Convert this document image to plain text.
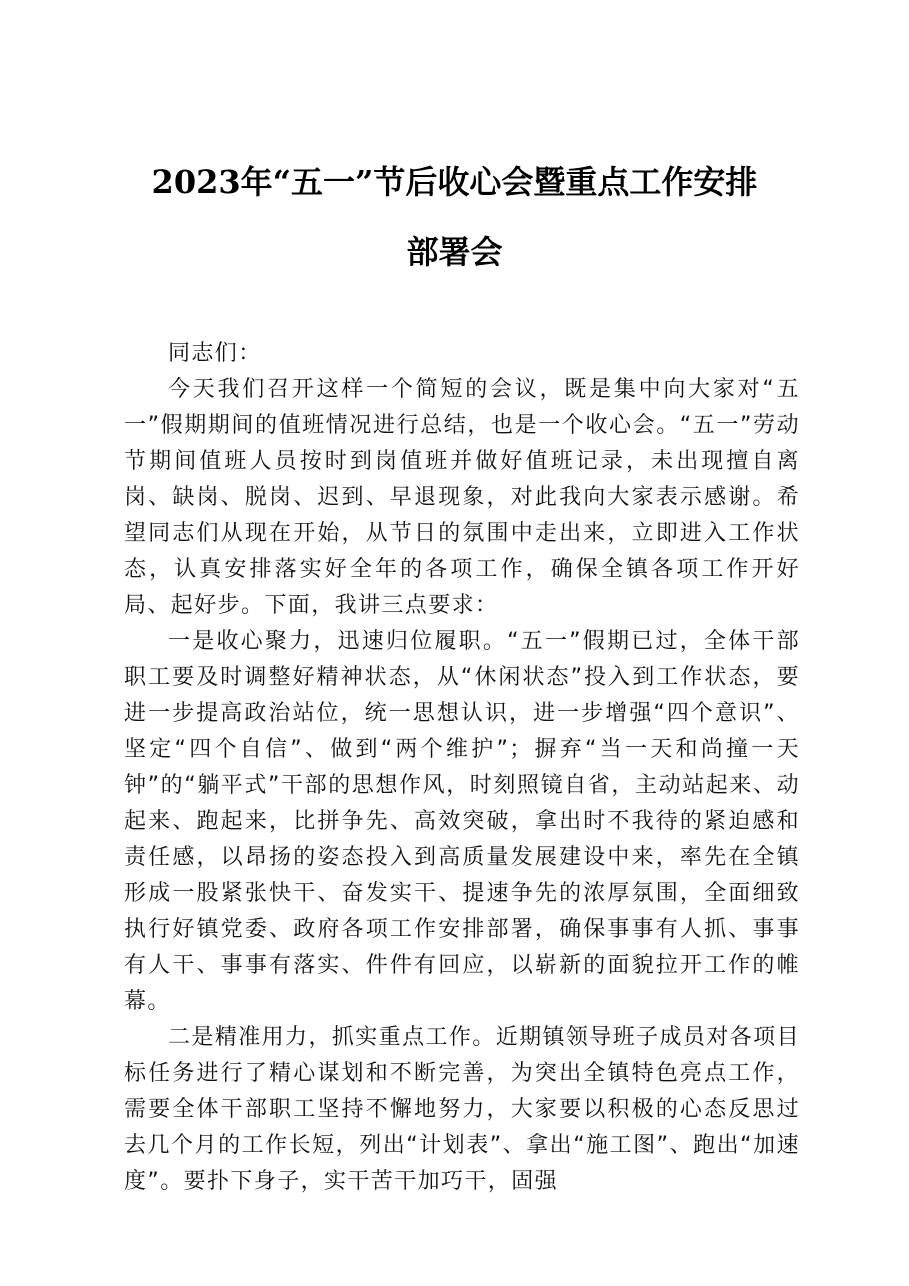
2023年“五一”节后收心会暨重点工作安排
部署会

同志们：

今天我们召开这样一个简短的会议，既是集中向大家对“五一”假期期间的值班情况进行总结，也是一个收心会。“五一”劳动节期间值班人员按时到岗值班并做好值班记录，未出现擅自离岗、缺岗、脱岗、迟到、早退现象，对此我向大家表示感谢。希望同志们从现在开始，从节日的氛围中走出来，立即进入工作状态，认真安排落实好全年的各项工作，确保全镇各项工作开好局、起好步。下面，我讲三点要求：

一是收心聚力，迅速归位履职。“五一”假期已过，全体干部职工要及时调整好精神状态，从“休闲状态”投入到工作状态，要进一步提高政治站位，统一思想认识，进一步增强“四个意识”、坚定“四个自信”、做到“两个维护”；摒弃“当一天和尚撞一天钟”的“躺平式”干部的思想作风，时刻照镜自省，主动站起来、动起来、跑起来，比拼争先、高效突破，拿出时不我待的紧迫感和责任感，以昂扬的姿态投入到高质量发展建设中来，率先在全镇形成一股紧张快干、奋发实干、提速争先的浓厚氛围，全面细致执行好镇党委、政府各项工作安排部署，确保事事有人抓、事事有人干、事事有落实、件件有回应，以崭新的面貌拉开工作的帷幕。

二是精准用力，抓实重点工作。近期镇领导班子成员对各项目标任务进行了精心谋划和不断完善，为突出全镇特色亮点工作，需要全体干部职工坚持不懈地努力，大家要以积极的心态反思过去几个月的工作长短，列出“计划表”、拿出“施工图”、跑出“加速度”。要扑下身子，实干苦干加巧干，固强
